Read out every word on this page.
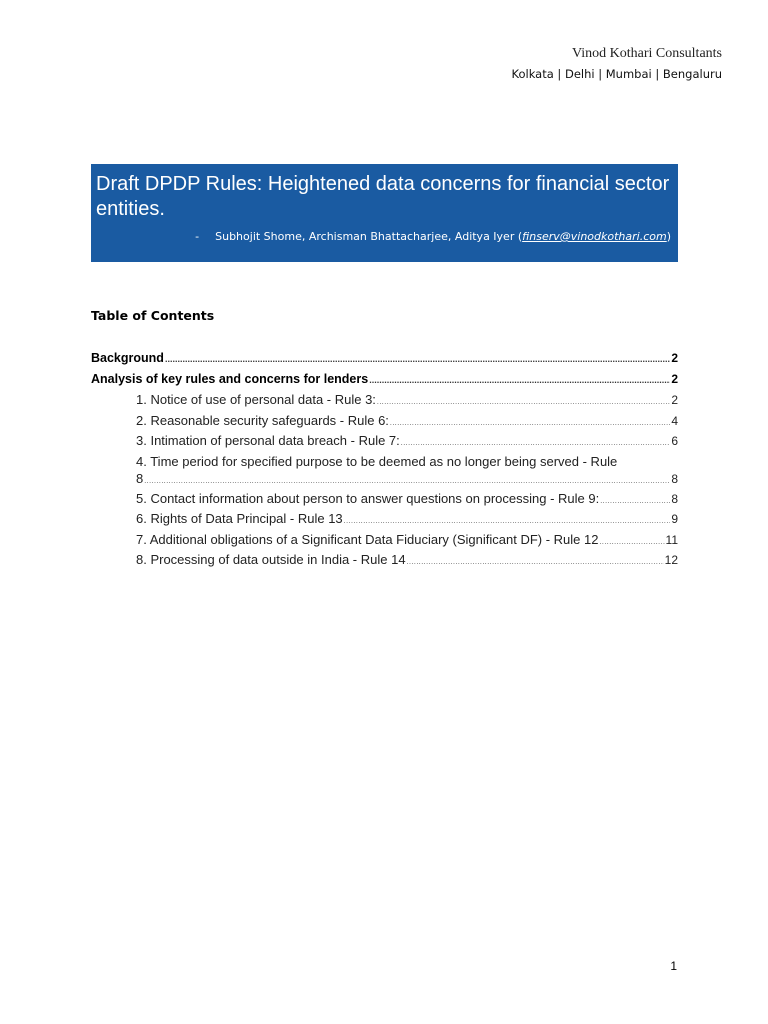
Vinod Kothari Consultants
Kolkata | Delhi | Mumbai | Bengaluru
Draft DPDP Rules: Heightened data concerns for financial sector entities.
- Subhojit Shome, Archisman Bhattacharjee, Aditya Iyer (finserv@vinodkothari.com)
Table of Contents
Background .....	2
Analysis of key rules and concerns for lenders .....	2
1. Notice of use of personal data - Rule 3: .....	2
2. Reasonable security safeguards - Rule 6: .....	4
3. Intimation of personal data breach - Rule 7: .....	6
4. Time period for specified purpose to be deemed as no longer being served - Rule
8 .....	8
5. Contact information about person to answer questions on processing - Rule 9: .....	8
6. Rights of Data Principal - Rule 13 .....	9
7. Additional obligations of a Significant Data Fiduciary (Significant DF) - Rule 12 .....	11
8. Processing of data outside in India - Rule 14 .....	12
1
